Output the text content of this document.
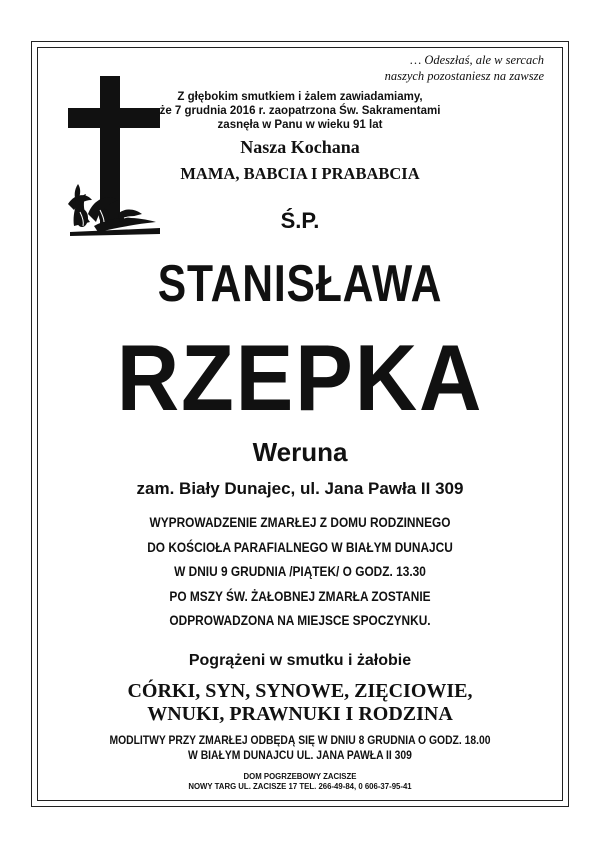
… Odeszłaś, ale w sercach
naszych pozostaniesz na zawsze
Z głębokim smutkiem i żalem zawiadamiamy,
że 7 grudnia 2016 r. zaopatrzona Św. Sakramentami
zasnęła w Panu w wieku 91 lat
Nasza Kochana
MAMA, BABCIA I PRABABCIA
Ś.P.
STANISŁAWA
RZEPKA
Weruna
zam. Biały Dunajec, ul. Jana Pawła II 309
WYPROWADZENIE ZMARŁEJ Z DOMU RODZINNEGO
DO KOŚCIOŁA PARAFIALNEGO W BIAŁYM DUNAJCU
W DNIU 9 GRUDNIA /PIĄTEK/ O GODZ. 13.30
PO MSZY ŚW. ŻAŁOBNEJ ZMARŁA ZOSTANIE
ODPROWADZONA NA MIEJSCE SPOCZYNKU.
Pogrążeni w smutku i żałobie
CÓRKI, SYN, SYNOWE, ZIĘCIOWIE,
WNUKI, PRAWNUKI I RODZINA
MODLITWY PRZY ZMARŁEJ ODBĘDĄ SIĘ W DNIU 8 GRUDNIA O GODZ. 18.00
W BIAŁYM DUNAJCU UL. JANA PAWŁA II 309
DOM POGRZEBOWY ZACISZE
NOWY TARG UL. ZACISZE 17 TEL. 266-49-84, 0 606-37-95-41
